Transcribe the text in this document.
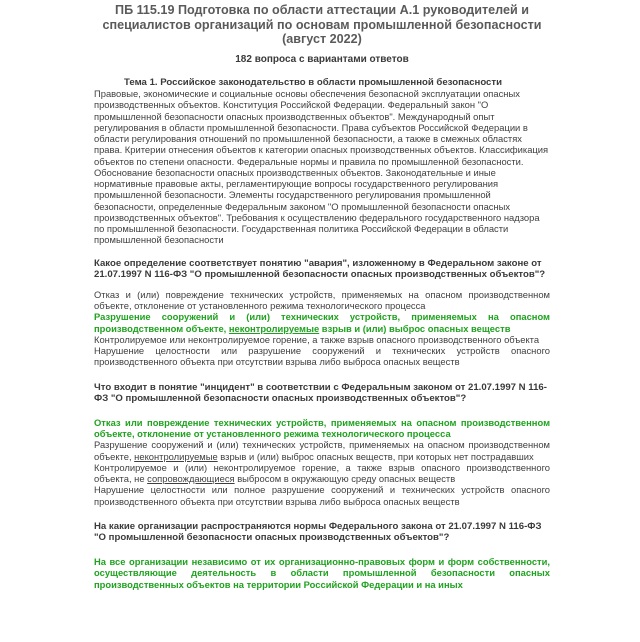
ПБ 115.19 Подготовка по области аттестации А.1 руководителей и
специалистов организаций по основам промышленной безопасности
(август 2022)

182 вопроса с вариантами ответов

Тема 1. Российское законодательство в области промышленной безопасности

Правовые, экономические и социальные основы обеспечения безопасной эксплуатации опасных производственных объектов. Конституция Российской Федерации. Федеральный закон "О промышленной безопасности опасных производственных объектов". Международный опыт регулирования в области промышленной безопасности. Права субъектов Российской Федерации в области регулирования отношений по промышленной безопасности, а также в смежных областях права. Критерии отнесения объектов к категории опасных производственных объектов. Классификация объектов по степени опасности. Федеральные нормы и правила по промышленной безопасности. Обоснование безопасности опасных производственных объектов. Законодательные и иные нормативные правовые акты, регламентирующие вопросы государственного регулирования промышленной безопасности. Элементы государственного регулирования промышленной безопасности, определенные Федеральным законом "О промышленной безопасности опасных производственных объектов". Требования к осуществлению федерального государственного надзора по промышленной безопасности. Государственная политика Российской Федерации в области промышленной безопасности

Какое определение соответствует понятию "авария", изложенному в Федеральном законе от 21.07.1997 N 116-ФЗ "О промышленной безопасности опасных производственных объектов"?

Отказ и (или) повреждение технических устройств, применяемых на опасном производственном объекте, отклонение от установленного режима технологического процесса

Разрушение сооружений и (или) технических устройств, применяемых на опасном производственном объекте, неконтролируемые взрыв и (или) выброс опасных веществ

Контролируемое или неконтролируемое горение, а также взрыв опасного производственного объекта

Нарушение целостности или разрушение сооружений и технических устройств опасного производственного объекта при отсутствии взрыва либо выброса опасных веществ

Что входит в понятие "инцидент" в соответствии с Федеральным законом от 21.07.1997 N 116-ФЗ "О промышленной безопасности опасных производственных объектов"?

Отказ или повреждение технических устройств, применяемых на опасном производственном объекте, отклонение от установленного режима технологического процесса

Разрушение сооружений и (или) технических устройств, применяемых на опасном производственном объекте, неконтролируемые взрыв и (или) выброс опасных веществ, при которых нет пострадавших

Контролируемое и (или) неконтролируемое горение, а также взрыв опасного производственного объекта, не сопровождающиеся выбросом в окружающую среду опасных веществ

Нарушение целостности или полное разрушение сооружений и технических устройств опасного производственного объекта при отсутствии взрыва либо выброса опасных веществ

На какие организации распространяются нормы Федерального закона от 21.07.1997 N 116-ФЗ "О промышленной безопасности опасных производственных объектов"?

На все организации независимо от их организационно-правовых форм и форм собственности, осуществляющие деятельность в области промышленной безопасности опасных производственных объектов на территории Российской Федерации и на иных
